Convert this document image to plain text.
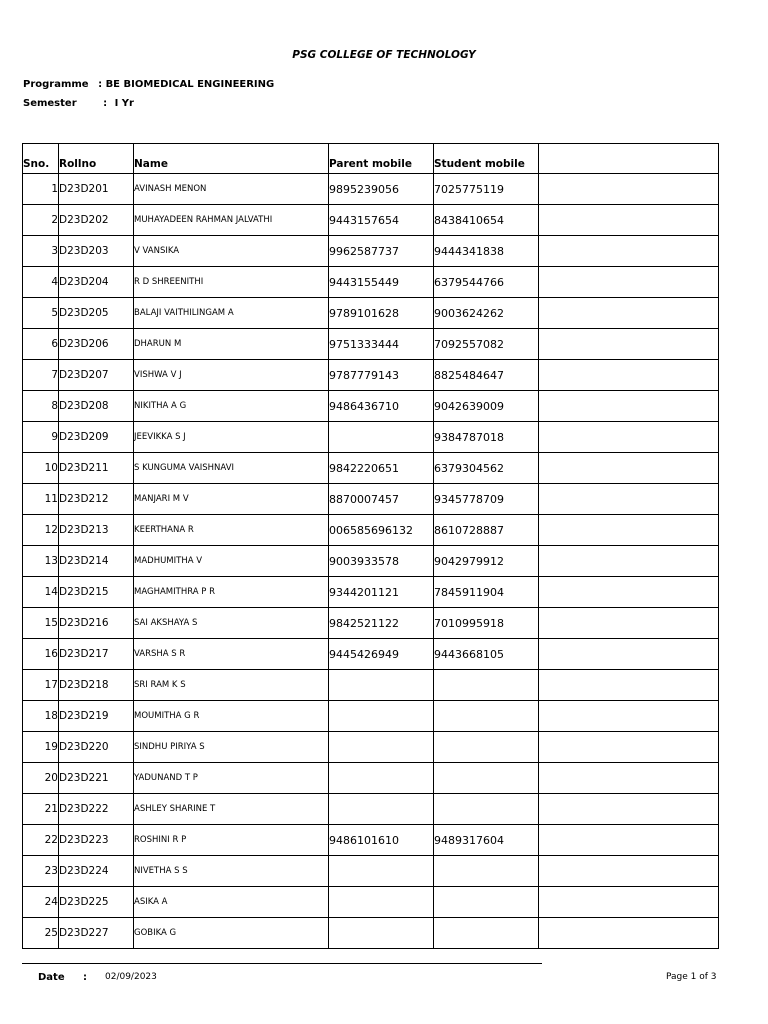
PSG COLLEGE OF TECHNOLOGY
Programme : BE BIOMEDICAL ENGINEERING
Semester	: I Yr
Sno.	Rollno	Name	Parent mobile	Student mobile	
1	D23D201	AVINASH MENON	9895239056	7025775119	
2	D23D202	MUHAYADEEN RAHMAN JALVATHI	9443157654	8438410654	
3	D23D203	V VANSIKA	9962587737	9444341838	
4	D23D204	R D SHREENITHI	9443155449	6379544766	
5	D23D205	BALAJI VAITHILINGAM A	9789101628	9003624262	
6	D23D206	DHARUN M	9751333444	7092557082	
7	D23D207	VISHWA V J	9787779143	8825484647	
8	D23D208	NIKITHA A G	9486436710	9042639009	
9	D23D209	JEEVIKKA S J		9384787018	
10	D23D211	S KUNGUMA VAISHNAVI	9842220651	6379304562	
11	D23D212	MANJARI M V	8870007457	9345778709	
12	D23D213	KEERTHANA R	006585696132	8610728887	
13	D23D214	MADHUMITHA V	9003933578	9042979912	
14	D23D215	MAGHAMITHRA P R	9344201121	7845911904	
15	D23D216	SAI AKSHAYA S	9842521122	7010995918	
16	D23D217	VARSHA S R	9445426949	9443668105	
17	D23D218	SRI RAM K S			
18	D23D219	MOUMITHA G R			
19	D23D220	SINDHU PIRIYA S			
20	D23D221	YADUNAND T P			
21	D23D222	ASHLEY SHARINE T			
22	D23D223	ROSHINI R P	9486101610	9489317604	
23	D23D224	NIVETHA S S			
24	D23D225	ASIKA A			
25	D23D227	GOBIKA G			
Date : 02/09/2023	Page 1 of 3
